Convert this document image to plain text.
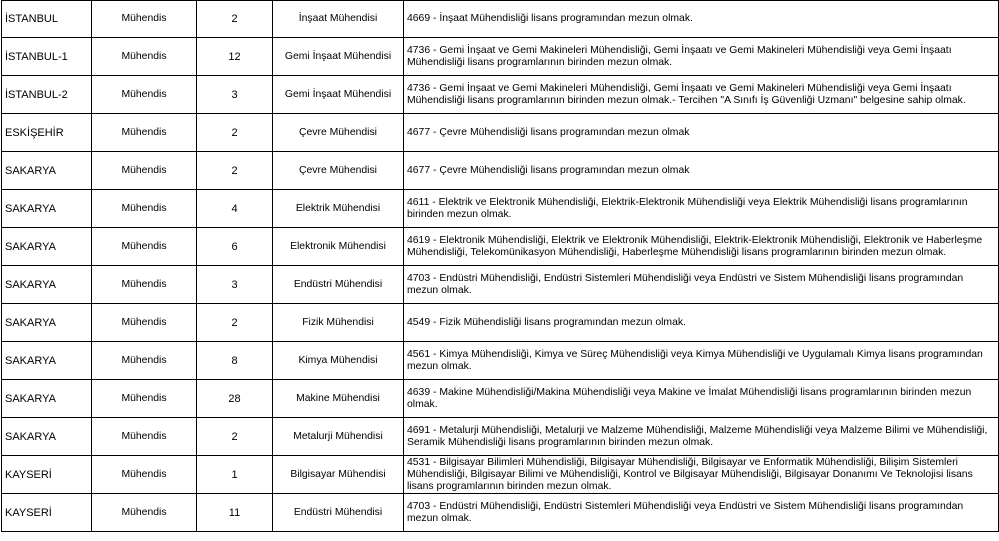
İSTANBUL	Mühendis	2	İnşaat Mühendisi	4669 - İnşaat Mühendisliği lisans programından mezun olmak.
İSTANBUL-1	Mühendis	12	Gemi İnşaat Mühendisi	4736 - Gemi İnşaat ve Gemi Makineleri Mühendisliği, Gemi İnşaatı ve Gemi Makineleri Mühendisliği veya Gemi İnşaatı Mühendisliği lisans programlarının birinden mezun olmak.
İSTANBUL-2	Mühendis	3	Gemi İnşaat Mühendisi	4736 - Gemi İnşaat ve Gemi Makineleri Mühendisliği, Gemi İnşaatı ve Gemi Makineleri Mühendisliği veya Gemi İnşaatı Mühendisliği lisans programlarının birinden mezun olmak.- Tercihen "A Sınıfı İş Güvenliği Uzmanı" belgesine sahip olmak.
ESKİŞEHİR	Mühendis	2	Çevre Mühendisi	4677 - Çevre Mühendisliği lisans programından mezun olmak
SAKARYA	Mühendis	2	Çevre Mühendisi	4677 - Çevre Mühendisliği lisans programından mezun olmak
SAKARYA	Mühendis	4	Elektrik Mühendisi	4611 - Elektrik ve Elektronik Mühendisliği, Elektrik-Elektronik Mühendisliği veya Elektrik Mühendisliği lisans programlarının birinden mezun olmak.
SAKARYA	Mühendis	6	Elektronik Mühendisi	4619 - Elektronik Mühendisliği, Elektrik ve Elektronik Mühendisliği, Elektrik-Elektronik Mühendisliği, Elektronik ve Haberleşme Mühendisliği, Telekomünikasyon Mühendisliği, Haberleşme Mühendisliği lisans programlarının birinden mezun olmak.
SAKARYA	Mühendis	3	Endüstri Mühendisi	4703 - Endüstri Mühendisliği, Endüstri Sistemleri Mühendisliği veya Endüstri ve Sistem Mühendisliği lisans programından mezun olmak.
SAKARYA	Mühendis	2	Fizik Mühendisi	4549 - Fizik Mühendisliği lisans programından mezun olmak.
SAKARYA	Mühendis	8	Kimya Mühendisi	4561 - Kimya Mühendisliği, Kimya ve Süreç Mühendisliği veya Kimya Mühendisliği ve Uygulamalı Kimya lisans programından mezun olmak.
SAKARYA	Mühendis	28	Makine Mühendisi	4639 - Makine Mühendisliği/Makina Mühendisliği veya Makine ve İmalat Mühendisliği lisans programlarının birinden mezun olmak.
SAKARYA	Mühendis	2	Metalurji Mühendisi	4691 - Metalurji Mühendisliği, Metalurji ve Malzeme Mühendisliği, Malzeme Mühendisliği veya Malzeme Bilimi ve Mühendisliği, Seramik Mühendisliği lisans programlarının birinden mezun olmak.
KAYSERİ	Mühendis	1	Bilgisayar Mühendisi	4531 - Bilgisayar Bilimleri Mühendisliği, Bilgisayar Mühendisliği, Bilgisayar ve Enformatik Mühendisliği, Bilişim Sistemleri Mühendisliği, Bilgisayar Bilimi ve Mühendisliği, Kontrol ve Bilgisayar Mühendisliği, Bilgisayar Donanımı Ve Teknolojisi lisans lisans programlarının birinden mezun olmak.
KAYSERİ	Mühendis	11	Endüstri Mühendisi	4703 - Endüstri Mühendisliği, Endüstri Sistemleri Mühendisliği veya Endüstri ve Sistem Mühendisliği lisans programından mezun olmak.
